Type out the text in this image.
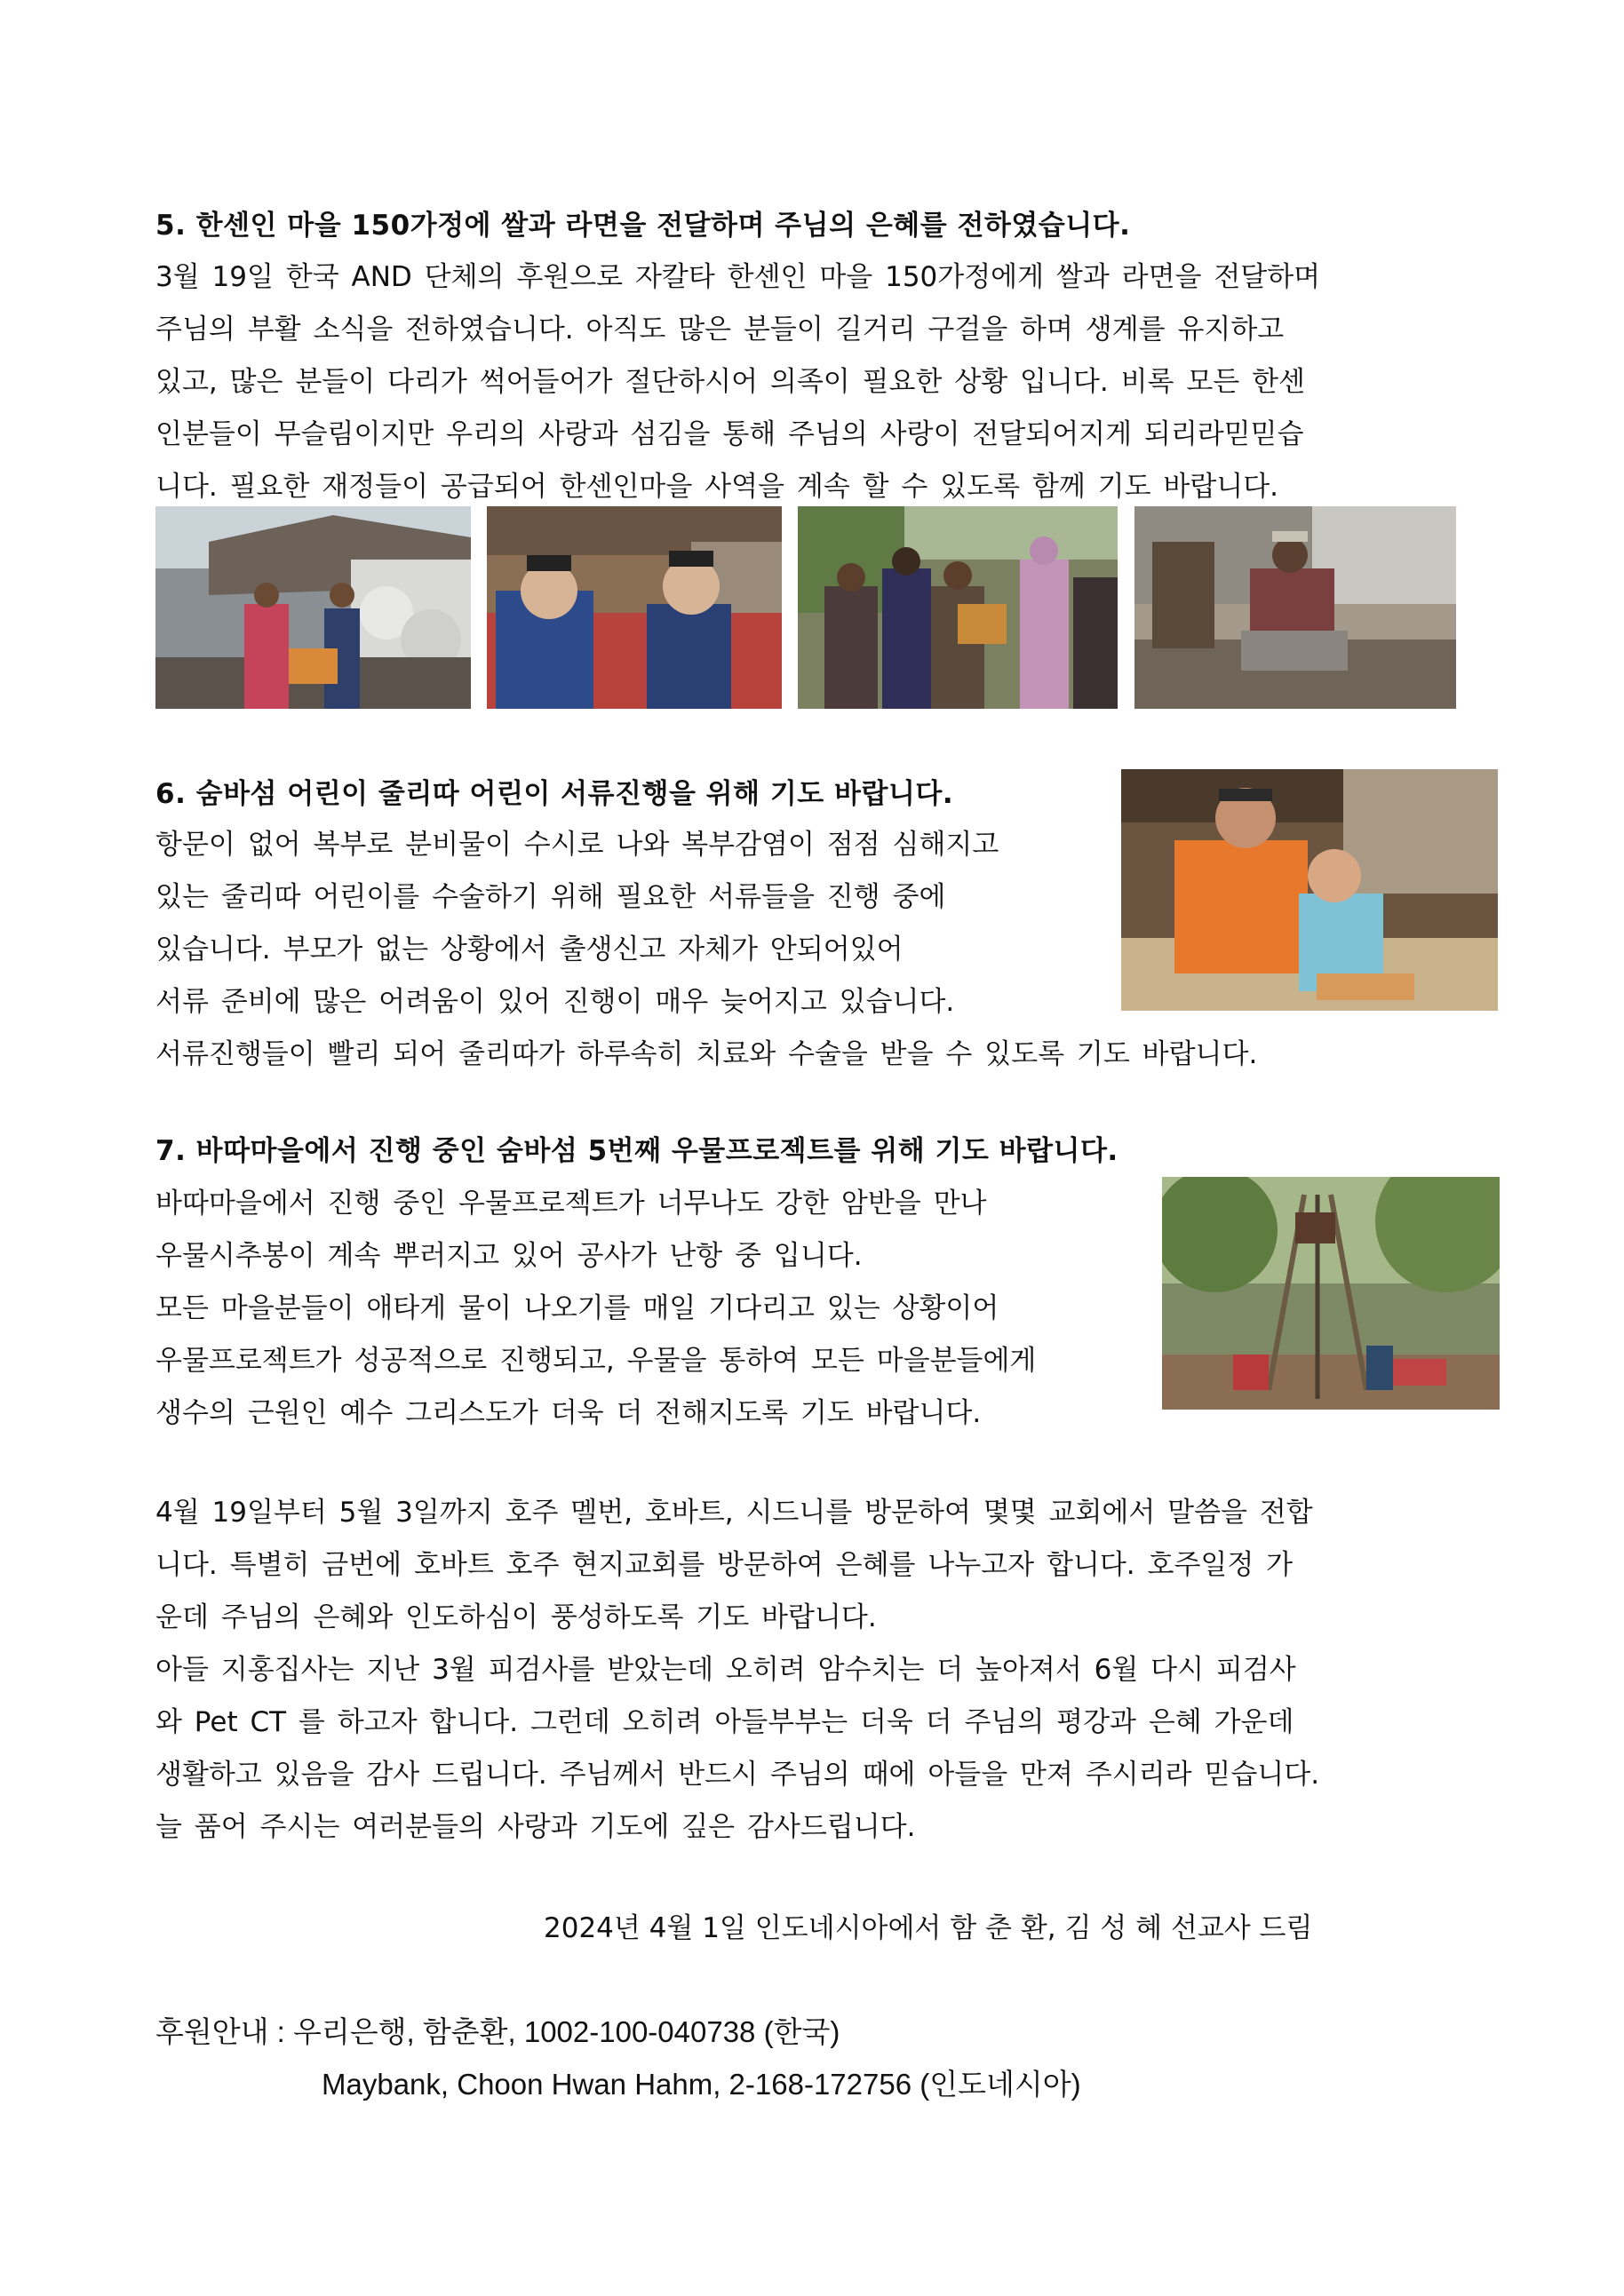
5. 한센인 마을 150가정에 쌀과 라면을 전달하며 주님의 은혜를 전하였습니다.
3월 19일 한국 AND 단체의 후원으로 자칼타 한센인 마을 150가정에게 쌀과 라면을 전달하며
주님의 부활 소식을 전하였습니다. 아직도 많은 분들이 길거리 구걸을 하며 생계를 유지하고
있고, 많은 분들이 다리가 썩어들어가 절단하시어 의족이 필요한 상황 입니다. 비록 모든 한센
인분들이 무슬림이지만 우리의 사랑과 섬김을 통해 주님의 사랑이 전달되어지게 되리라믿믿습
니다. 필요한 재정들이 공급되어 한센인마을 사역을 계속 할 수 있도록 함께 기도 바랍니다.
6. 숨바섬 어린이 줄리따 어린이 서류진행을 위해 기도 바랍니다.
항문이 없어 복부로 분비물이 수시로 나와 복부감염이 점점 심해지고
있는 줄리따 어린이를 수술하기 위해 필요한 서류들을 진행 중에
있습니다. 부모가 없는 상황에서 출생신고 자체가 안되어있어
서류 준비에 많은 어려움이 있어 진행이 매우 늦어지고 있습니다.
서류진행들이 빨리 되어 줄리따가 하루속히 치료와 수술을 받을 수 있도록 기도 바랍니다.
7. 바따마을에서 진행 중인 숨바섬 5번째 우물프로젝트를 위해 기도 바랍니다.
바따마을에서 진행 중인 우물프로젝트가 너무나도 강한 암반을 만나
우물시추봉이 계속 뿌러지고 있어 공사가 난항 중 입니다.
모든 마을분들이 애타게 물이 나오기를 매일 기다리고 있는 상황이어
우물프로젝트가 성공적으로 진행되고, 우물을 통하여 모든 마을분들에게
생수의 근원인 예수 그리스도가 더욱 더 전해지도록 기도 바랍니다.
4월 19일부터 5월 3일까지 호주 멜번, 호바트, 시드니를 방문하여 몇몇 교회에서 말씀을 전합
니다. 특별히 금번에 호바트 호주 현지교회를 방문하여 은혜를 나누고자 합니다. 호주일정 가
운데 주님의 은혜와 인도하심이 풍성하도록 기도 바랍니다.
아들 지홍집사는 지난 3월 피검사를 받았는데 오히려 암수치는 더 높아져서 6월 다시 피검사
와 Pet CT 를 하고자 합니다. 그런데 오히려 아들부부는 더욱 더 주님의 평강과 은혜 가운데
생활하고 있음을 감사 드립니다. 주님께서 반드시 주님의 때에 아들을 만져 주시리라 믿습니다.
늘 품어 주시는 여러분들의 사랑과 기도에 깊은 감사드립니다.
2024년 4월 1일 인도네시아에서 함 춘 환, 김 성 혜 선교사 드림
후원안내 : 우리은행, 함춘환, 1002-100-040738 (한국)
Maybank, Choon Hwan Hahm, 2-168-172756 (인도네시아)
